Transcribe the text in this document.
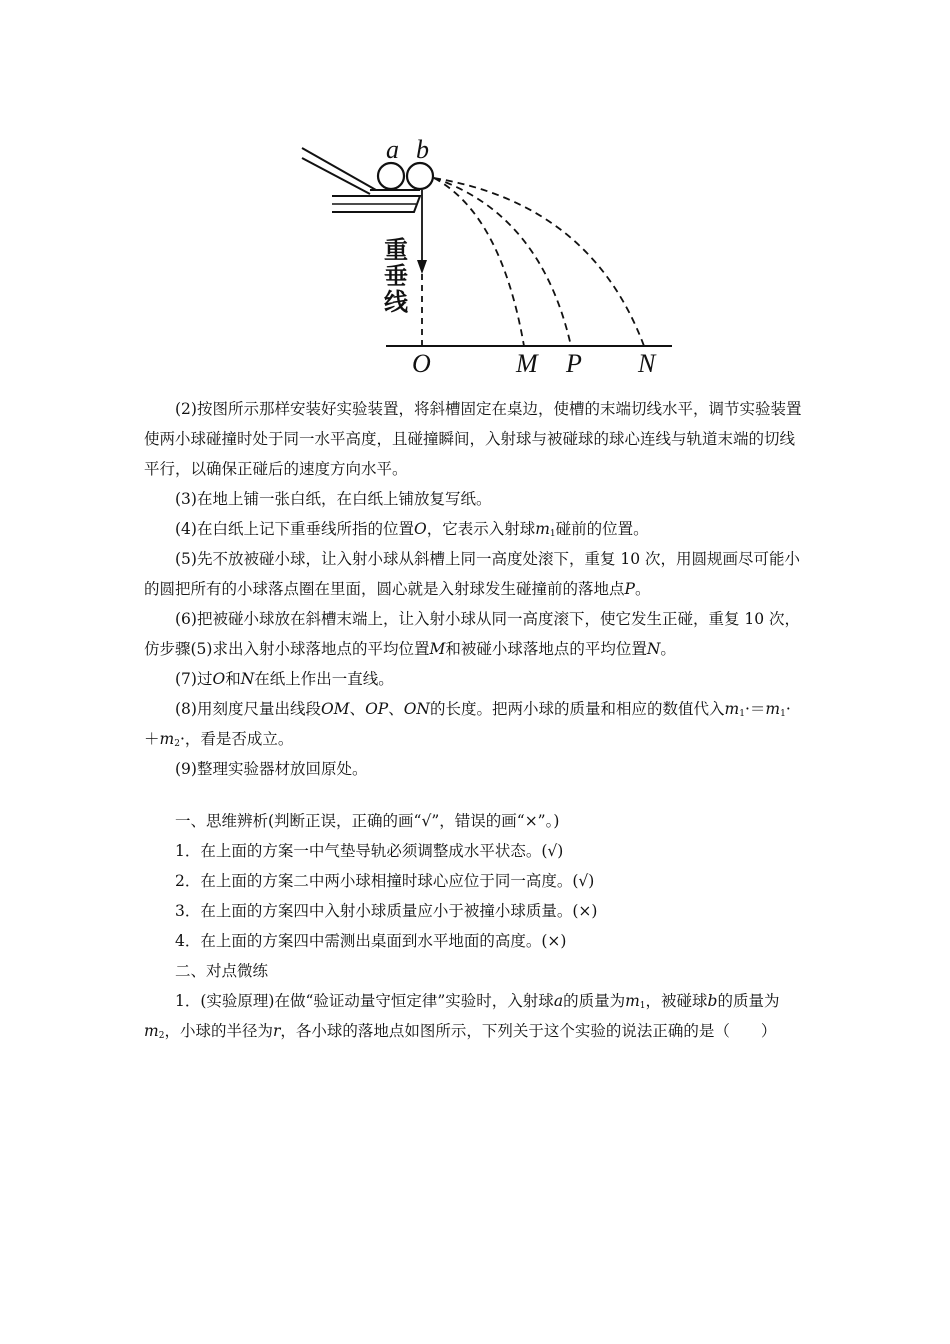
a b
重
垂
线
O	M P N

(2)按图所示那样安装好实验装置，将斜槽固定在桌边，使槽的末端切线水平，调节实验装置使两小球碰撞时处于同一水平高度，且碰撞瞬间，入射球与被碰球的球心连线与轨道末端的切线平行，以确保正碰后的速度方向水平。

(3)在地上铺一张白纸，在白纸上铺放复写纸。

(4)在白纸上记下重垂线所指的位置O，它表示入射球$m_1$碰前的位置。

(5)先不放被碰小球，让入射小球从斜槽上同一高度处滚下，重复 10 次，用圆规画尽可能小的圆把所有的小球落点圈在里面，圆心就是入射球发生碰撞前的落地点P。

(6)把被碰小球放在斜槽末端上，让入射小球从同一高度滚下，使它发生正碰，重复 10 次，仿步骤(5)求出入射小球落地点的平均位置M和被碰小球落地点的平均位置N。

(7)过O和N在纸上作出一直线。

(8)用刻度尺量出线段OM、OP、ON的长度。把两小球的质量和相应的数值代入$m_1\cdot=m_1\cdot+m_2\cdot$，看是否成立。

(9)整理实验器材放回原处。

一、思维辨析(判断正误，正确的画“√”，错误的画“×”。)

1．在上面的方案一中气垫导轨必须调整成水平状态。(√)

2．在上面的方案二中两小球相撞时球心应位于同一高度。(√)

3．在上面的方案四中入射小球质量应小于被撞小球质量。(×)

4．在上面的方案四中需测出桌面到水平地面的高度。(×)

二、对点微练

1．(实验原理)在做“验证动量守恒定律”实验时，入射球a的质量为$m_1$，被碰球b的质量为$m_2$，小球的半径为r，各小球的落地点如图所示，下列关于这个实验的说法正确的是（　　）
